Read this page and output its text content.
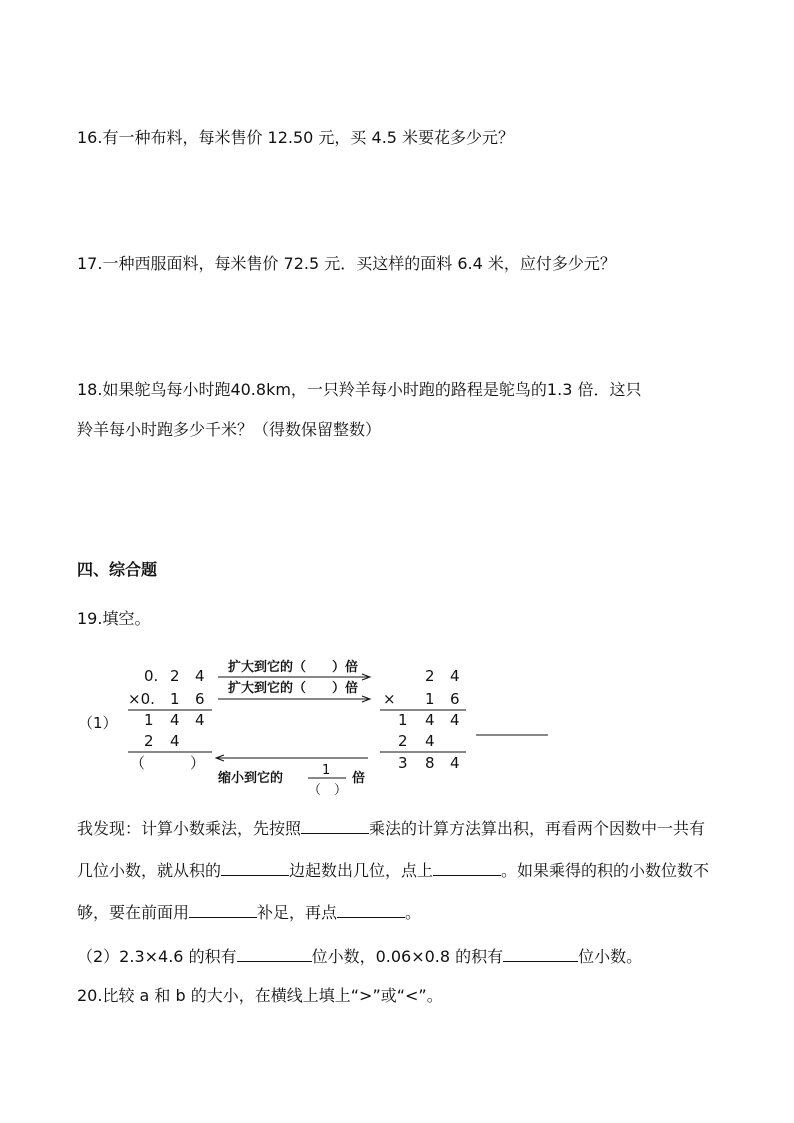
16.有一种布料，每米售价 12.50 元，买 4.5 米要花多少元？
17.一种西服面料，每米售价 72.5 元．买这样的面料 6.4 米，应付多少元？
18.如果鸵鸟每小时跑40.8km，一只羚羊每小时跑的路程是鸵鸟的1.3 倍．这只
羚羊每小时跑多少千米？（得数保留整数）
四、综合题
19.填空。
（1）
0. 2 4
×0. 1 6
1 4 4
2 4
（　　　）
扩大到它的（　　）倍
扩大到它的（　　）倍
缩小到它的
1
（　）
倍
2 4
× 1 6
1 4 4
2 4
3 8 4
我发现：计算小数乘法，先按照	乘法的计算方法算出积，再看两个因数中一共有几位小数，就从积的	边起数出几位，点上	。如果乘得的积的小数位数不够，要在前面用	补足，再点	。
（2）2.3×4.6 的积有	位小数，0.06×0.8 的积有	位小数。
20.比较 a 和 b 的大小，在横线上填上“>”或“<”。
